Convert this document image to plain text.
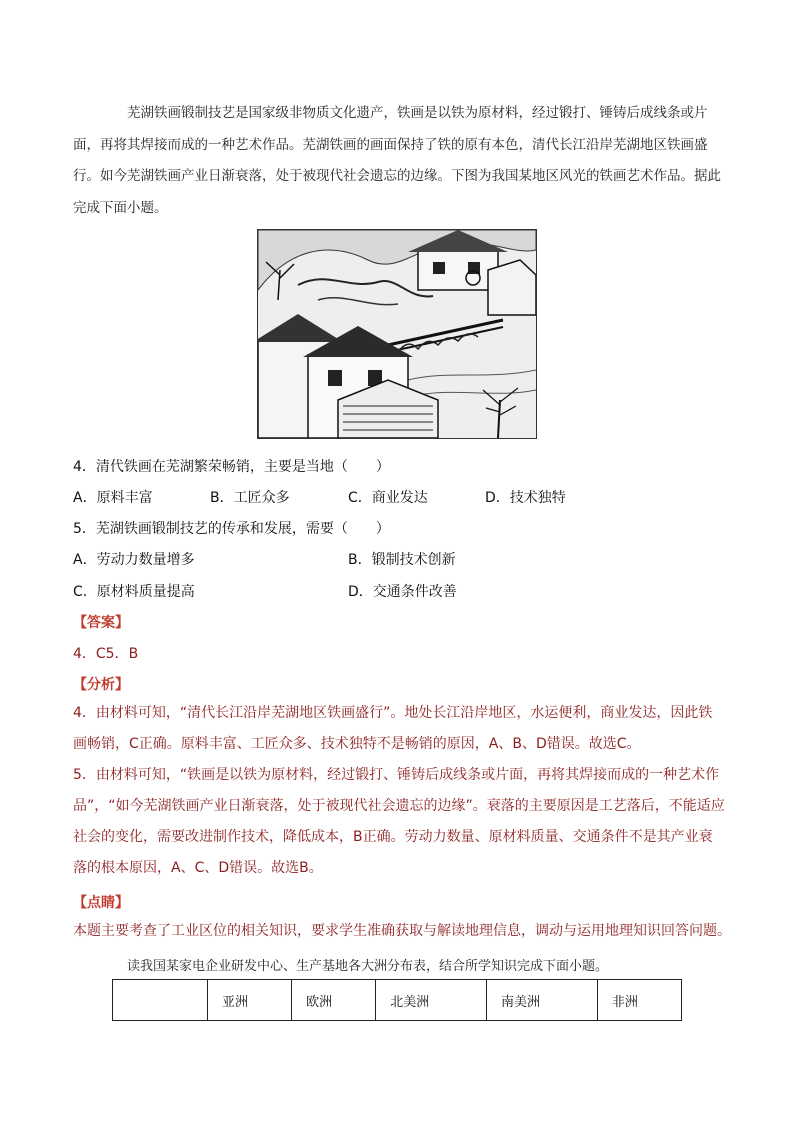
芜湖铁画锻制技艺是国家级非物质文化遗产，铁画是以铁为原材料，经过锻打、锤铸后成线条或片面，再将其焊接而成的一种艺术作品。芜湖铁画的画面保持了铁的原有本色，清代长江沿岸芜湖地区铁画盛行。如今芜湖铁画产业日渐衰落，处于被现代社会遗忘的边缘。下图为我国某地区风光的铁画艺术作品。据此完成下面小题。
4．清代铁画在芜湖繁荣畅销，主要是当地（　　）
A．原料丰富	B．工匠众多	C．商业发达	D．技术独特
5．芜湖铁画锻制技艺的传承和发展，需要（　　）
A．劳动力数量增多	B．锻制技术创新
C．原材料质量提高	D．交通条件改善
【答案】
4．C5．B
【分析】
4．由材料可知，“清代长江沿岸芜湖地区铁画盛行”。地处长江沿岸地区，水运便利，商业发达，因此铁画畅销，C正确。原料丰富、工匠众多、技术独特不是畅销的原因，A、B、D错误。故选C。
5．由材料可知，“铁画是以铁为原材料，经过锻打、锤铸后成线条或片面，再将其焊接而成的一种艺术作品”，“如今芜湖铁画产业日渐衰落，处于被现代社会遗忘的边缘”。衰落的主要原因是工艺落后，不能适应社会的变化，需要改进制作技术，降低成本，B正确。劳动力数量、原材料质量、交通条件不是其产业衰落的根本原因，A、C、D错误。故选B。
【点睛】
本题主要考查了工业区位的相关知识，要求学生准确获取与解读地理信息，调动与运用地理知识回答问题。
读我国某家电企业研发中心、生产基地各大洲分布表，结合所学知识完成下面小题。
	亚洲	欧洲	北美洲	南美洲	非洲
